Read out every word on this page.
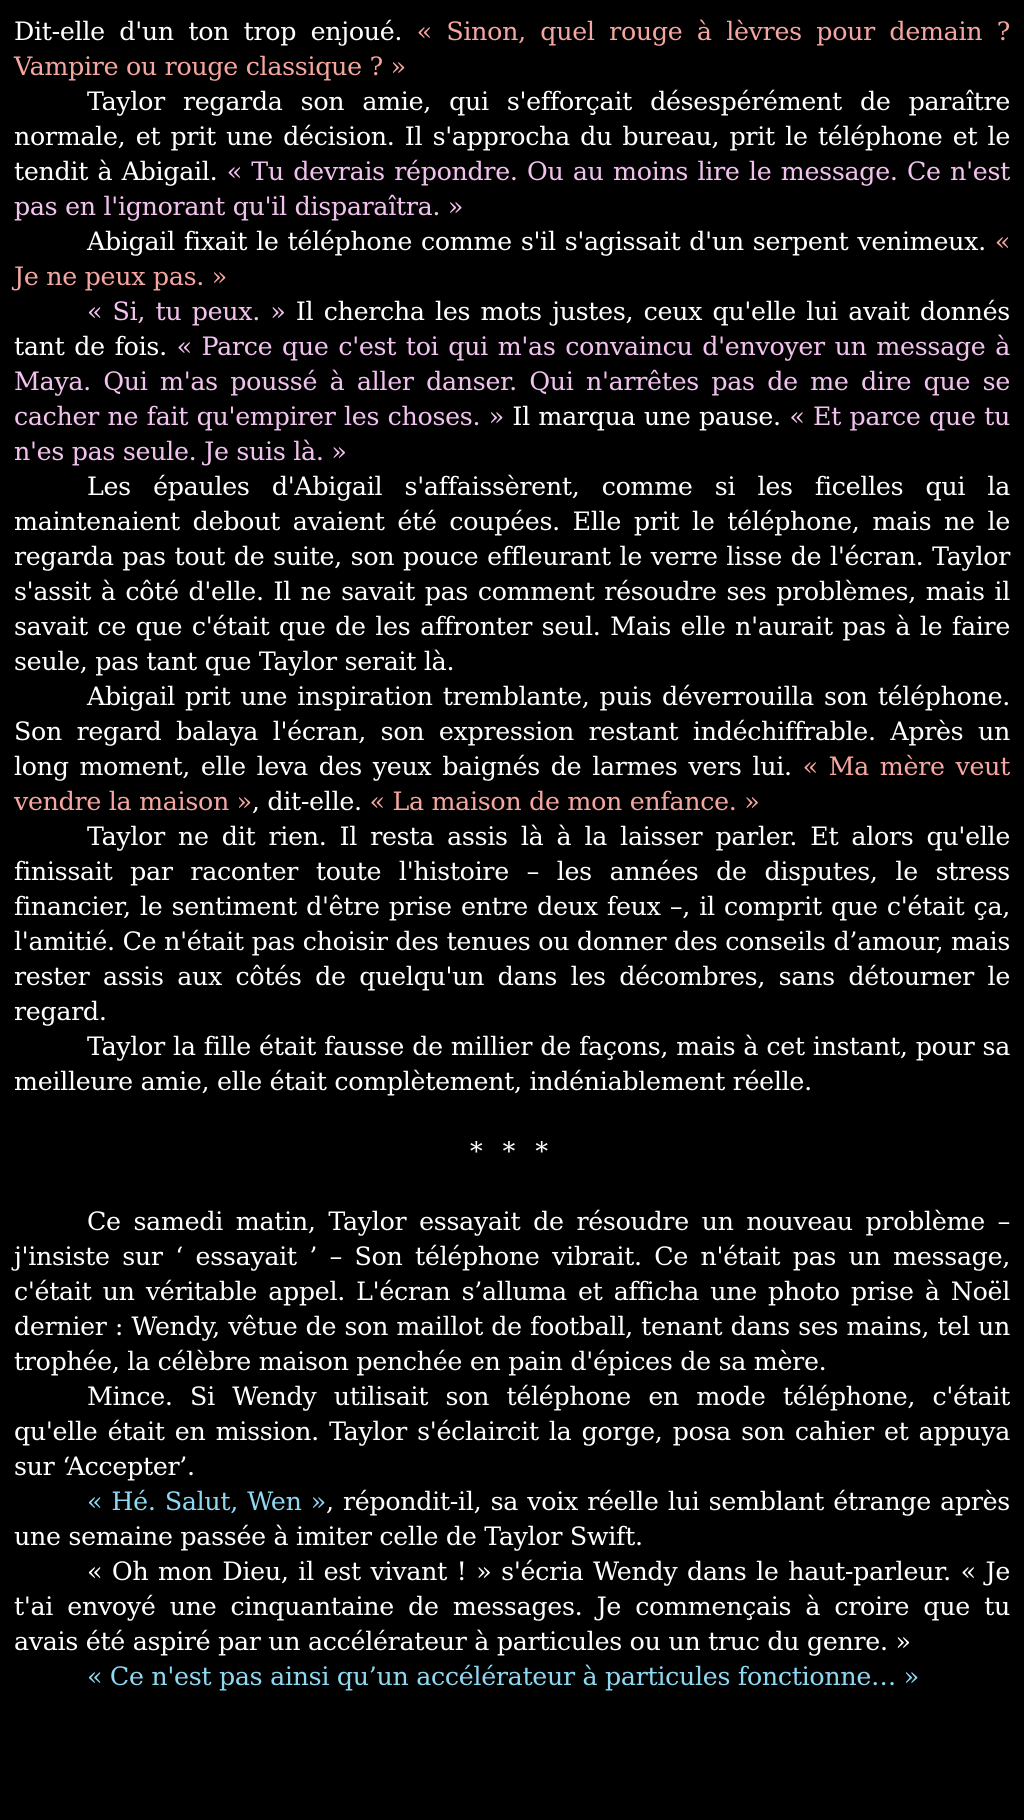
Dit-elle d'un ton trop enjoué. « Sinon, quel rouge à lèvres pour demain ? Vampire ou rouge classique ? »

Taylor regarda son amie, qui s'efforçait désespérément de paraître normale, et prit une décision. Il s'approcha du bureau, prit le téléphone et le tendit à Abigail. « Tu devrais répondre. Ou au moins lire le message. Ce n'est pas en l'ignorant qu'il disparaîtra. »

Abigail fixait le téléphone comme s'il s'agissait d'un serpent venimeux. « Je ne peux pas. »

« Si, tu peux. » Il chercha les mots justes, ceux qu'elle lui avait donnés tant de fois. « Parce que c'est toi qui m'as convaincu d'envoyer un message à Maya. Qui m'as poussé à aller danser. Qui n'arrêtes pas de me dire que se cacher ne fait qu'empirer les choses. » Il marqua une pause. « Et parce que tu n'es pas seule. Je suis là. »

Les épaules d'Abigail s'affaissèrent, comme si les ficelles qui la maintenaient debout avaient été coupées. Elle prit le téléphone, mais ne le regarda pas tout de suite, son pouce effleurant le verre lisse de l'écran. Taylor s'assit à côté d'elle. Il ne savait pas comment résoudre ses problèmes, mais il savait ce que c'était que de les affronter seul. Mais elle n'aurait pas à le faire seule, pas tant que Taylor serait là.

Abigail prit une inspiration tremblante, puis déverrouilla son téléphone. Son regard balaya l'écran, son expression restant indéchiffrable. Après un long moment, elle leva des yeux baignés de larmes vers lui. « Ma mère veut vendre la maison », dit-elle. « La maison de mon enfance. »

Taylor ne dit rien. Il resta assis là à la laisser parler. Et alors qu'elle finissait par raconter toute l'histoire – les années de disputes, le stress financier, le sentiment d'être prise entre deux feux –, il comprit que c'était ça, l'amitié. Ce n'était pas choisir des tenues ou donner des conseils d’amour, mais rester assis aux côtés de quelqu'un dans les décombres, sans détourner le regard.

Taylor la fille était fausse de millier de façons, mais à cet instant, pour sa meilleure amie, elle était complètement, indéniablement réelle.

* * *

Ce samedi matin, Taylor essayait de résoudre un nouveau problème – j'insiste sur ‘ essayait ’ – Son téléphone vibrait. Ce n'était pas un message, c'était un véritable appel. L'écran s’alluma et afficha une photo prise à Noël dernier : Wendy, vêtue de son maillot de football, tenant dans ses mains, tel un trophée, la célèbre maison penchée en pain d'épices de sa mère.

Mince. Si Wendy utilisait son téléphone en mode téléphone, c'était qu'elle était en mission. Taylor s'éclaircit la gorge, posa son cahier et appuya sur ‘Accepter’.

« Hé. Salut, Wen », répondit-il, sa voix réelle lui semblant étrange après une semaine passée à imiter celle de Taylor Swift.

« Oh mon Dieu, il est vivant ! » s'écria Wendy dans le haut-parleur. « Je t'ai envoyé une cinquantaine de messages. Je commençais à croire que tu avais été aspiré par un accélérateur à particules ou un truc du genre. »

« Ce n'est pas ainsi qu’un accélérateur à particules fonctionne… »
